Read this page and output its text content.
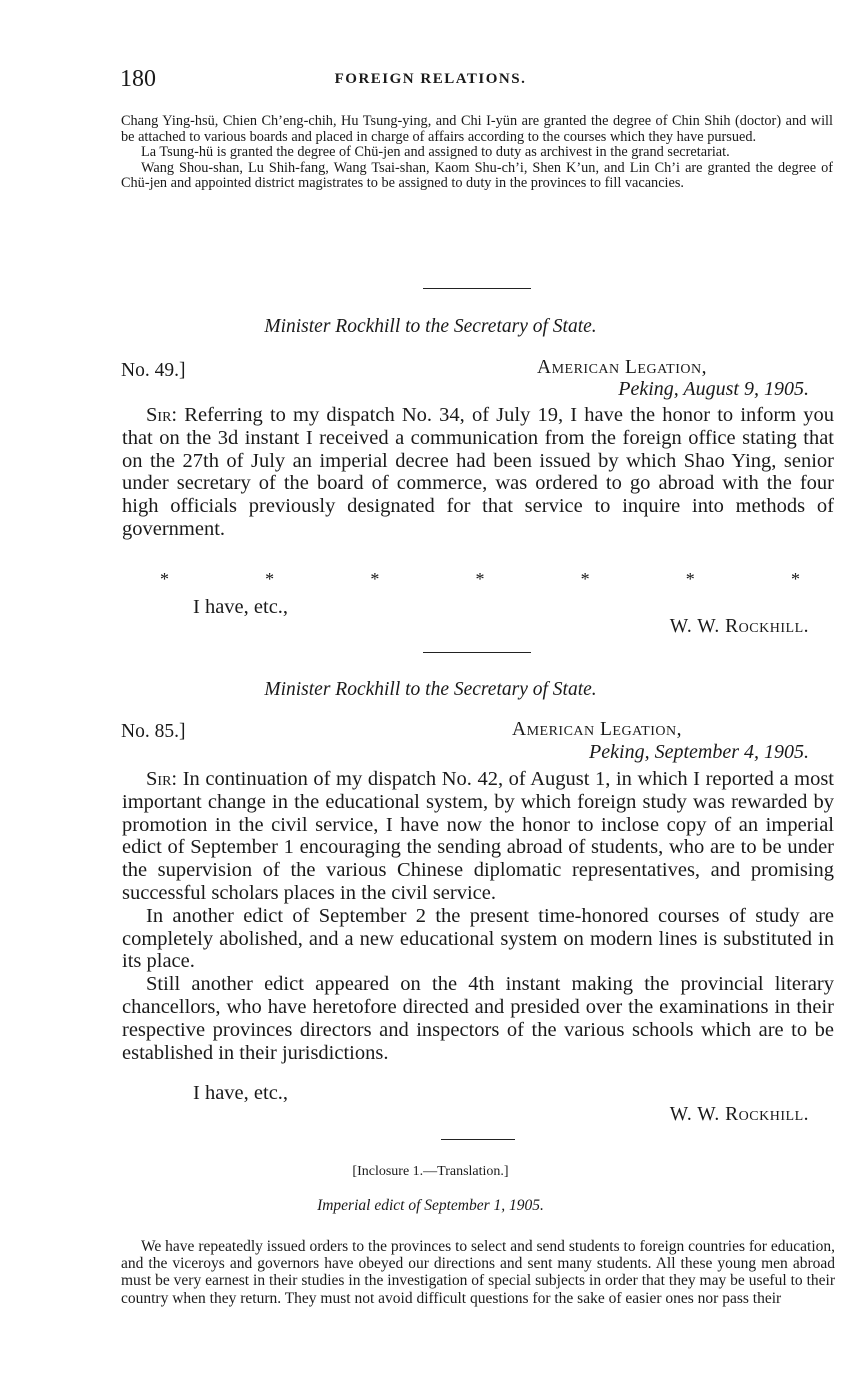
180	FOREIGN RELATIONS.

Chang Ying-hsü, Chien Ch’eng-chih, Hu Tsung-ying, and Chi I-yün are granted the degree of Chin Shih (doctor) and will be attached to various boards and placed in charge of affairs according to the courses which they have pursued.

La Tsung-hü is granted the degree of Chü-jen and assigned to duty as archivest in the grand secretariat.

Wang Shou-shan, Lu Shih-fang, Wang Tsai-shan, Kaom Shu-ch’i, Shen K’un, and Lin Ch’i are granted the degree of Chü-jen and appointed district magistrates to be assigned to duty in the provinces to fill vacancies.

Minister Rockhill to the Secretary of State.
No. 49.]	American Legation,
Peking, August 9, 1905.

Sir: Referring to my dispatch No. 34, of July 19, I have the honor to inform you that on the 3d instant I received a communication from the foreign office stating that on the 27th of July an imperial decree had been issued by which Shao Ying, senior under secretary of the board of commerce, was ordered to go abroad with the four high officials previously designated for that service to inquire into methods of government.

*	*	*	*	*	*	*
I have, etc.,
W. W. Rockhill.
Minister Rockhill to the Secretary of State.
No. 85.]	American Legation,
Peking, September 4, 1905.

Sir: In continuation of my dispatch No. 42, of August 1, in which I reported a most important change in the educational system, by which foreign study was rewarded by promotion in the civil service, I have now the honor to inclose copy of an imperial edict of September 1 encouraging the sending abroad of students, who are to be under the supervision of the various Chinese diplomatic representatives, and promising successful scholars places in the civil service.

In another edict of September 2 the present time-honored courses of study are completely abolished, and a new educational system on modern lines is substituted in its place.

Still another edict appeared on the 4th instant making the provincial literary chancellors, who have heretofore directed and presided over the examinations in their respective provinces directors and inspectors of the various schools which are to be established in their jurisdictions.

I have, etc.,
W. W. Rockhill.
[Inclosure 1.—Translation.]
Imperial edict of September 1, 1905.

We have repeatedly issued orders to the provinces to select and send students to foreign countries for education, and the viceroys and governors have obeyed our directions and sent many students. All these young men abroad must be very earnest in their studies in the investigation of special subjects in order that they may be useful to their country when they return. They must not avoid difficult questions for the sake of easier ones nor pass their
